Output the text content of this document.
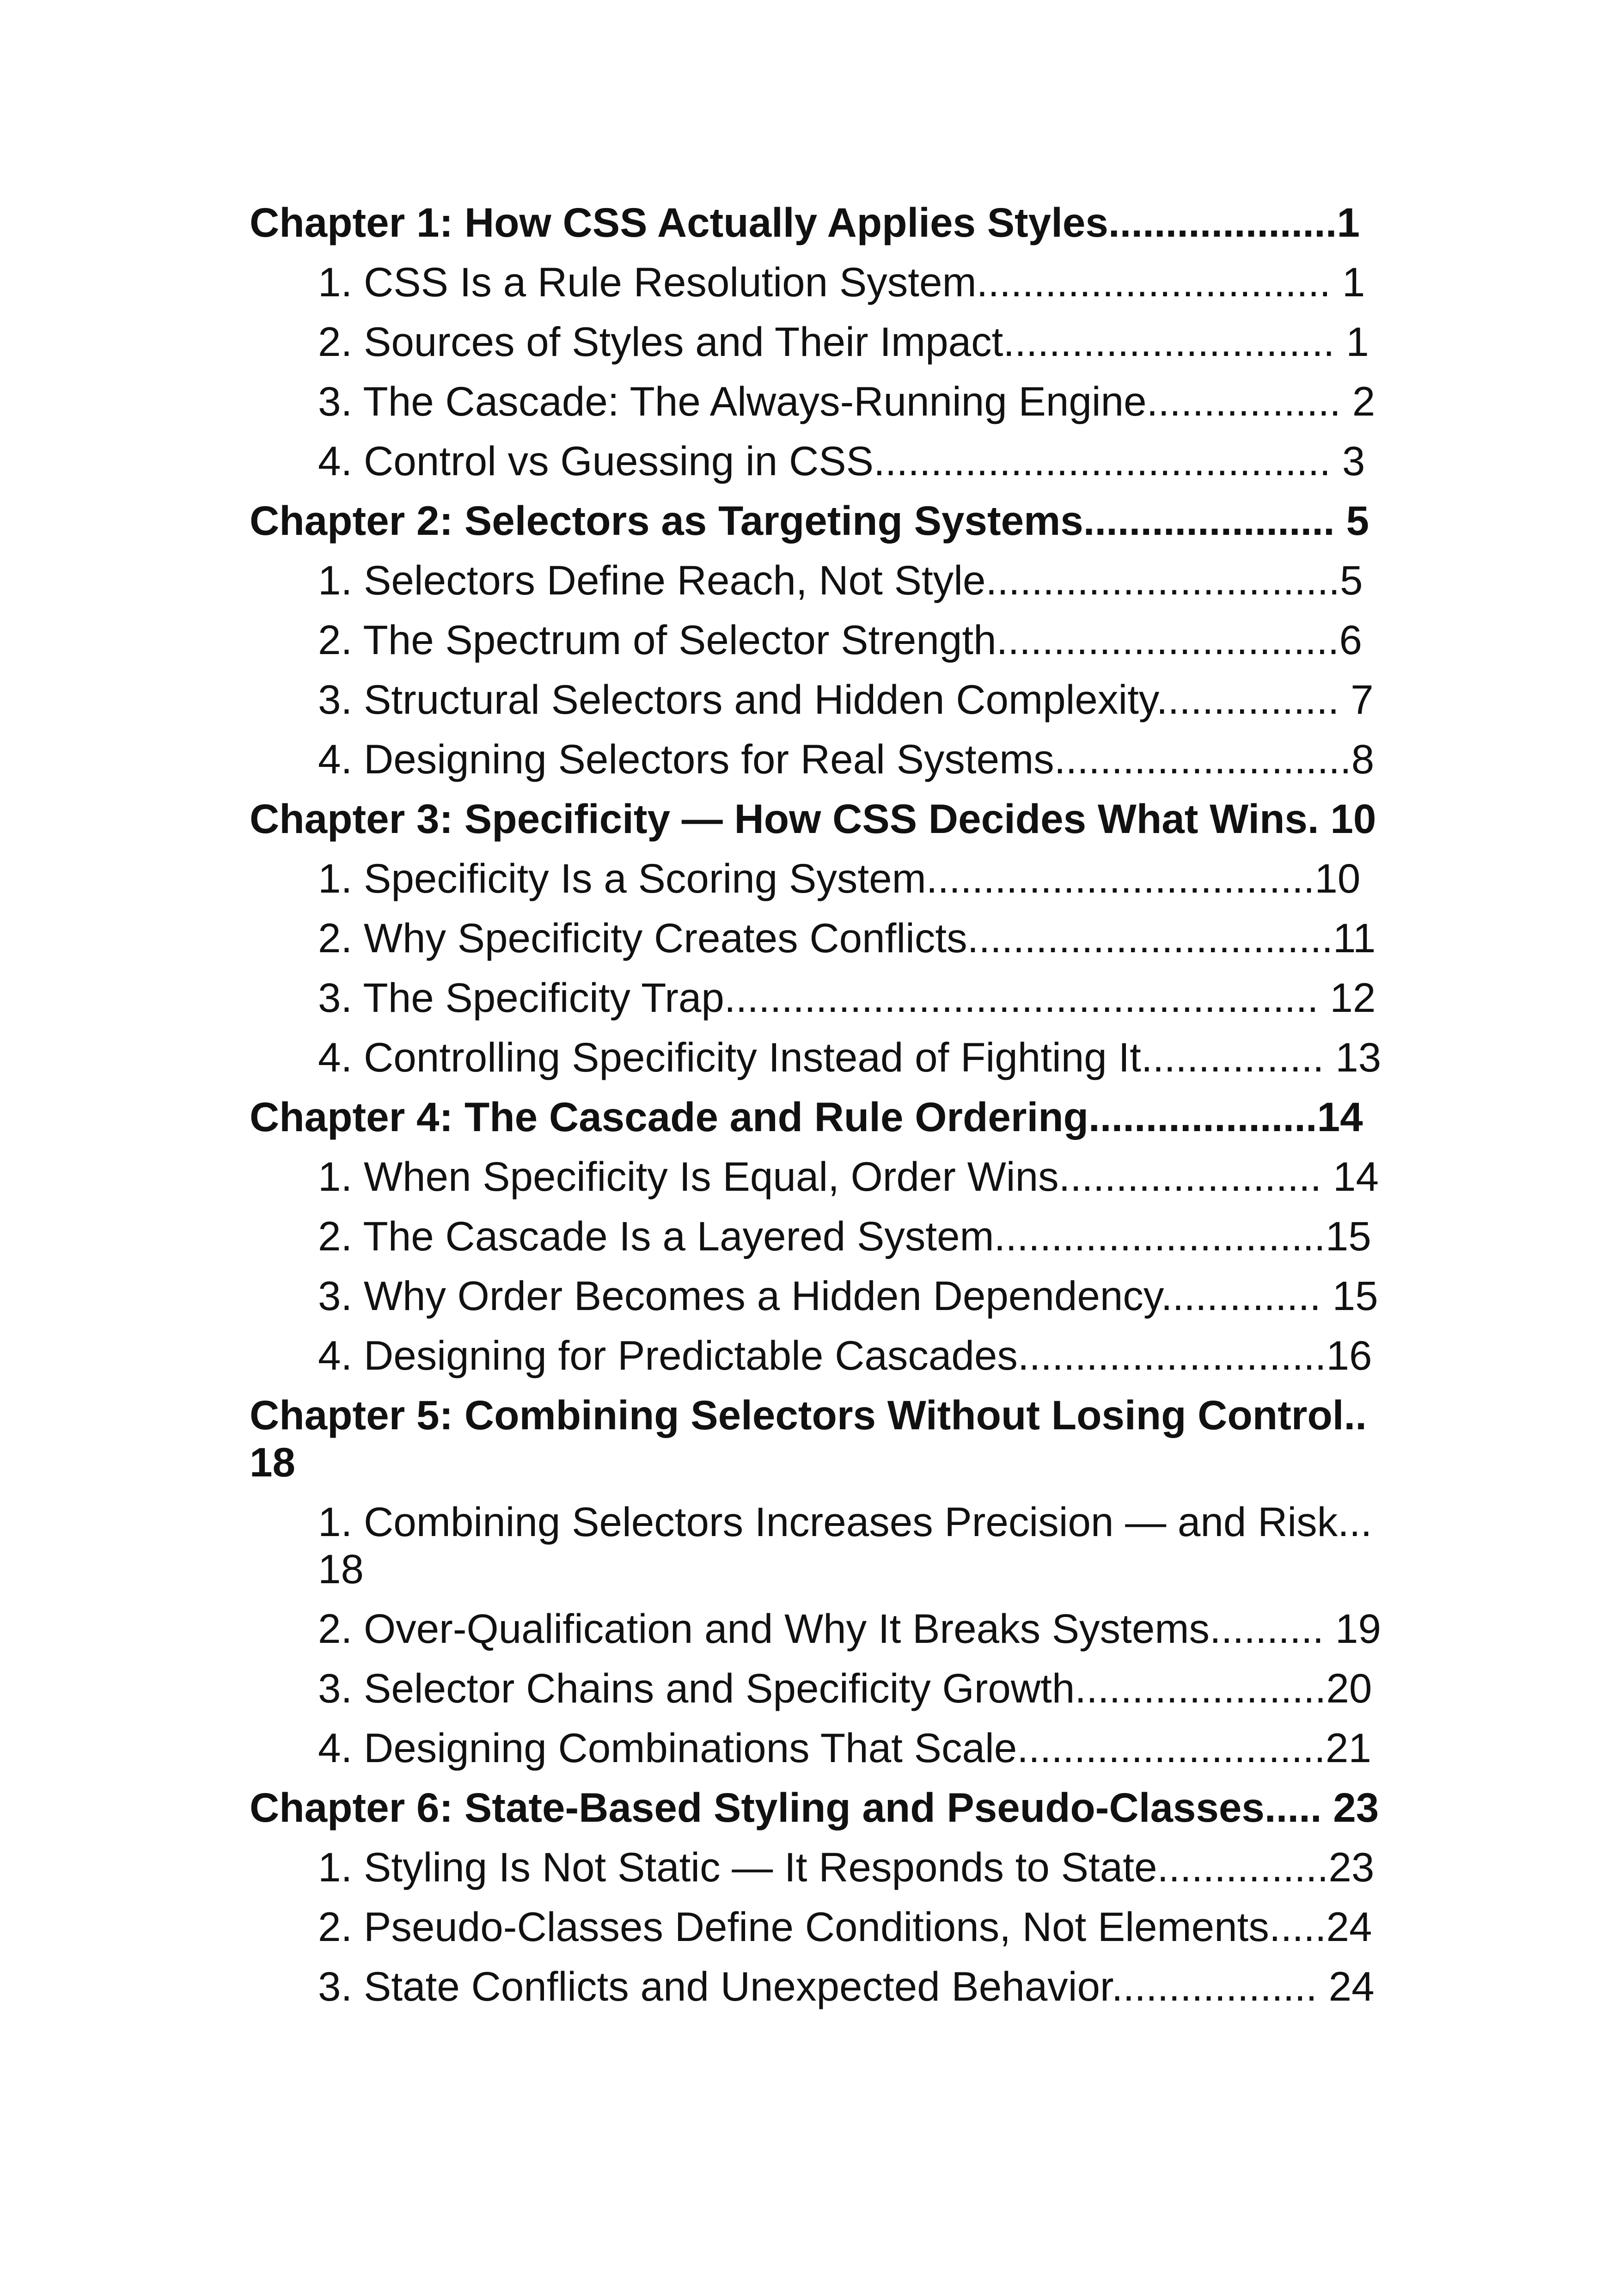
Chapter 1: How CSS Actually Applies Styles....................1
1. CSS Is a Rule Resolution System............................... 1
2. Sources of Styles and Their Impact............................. 1
3. The Cascade: The Always-Running Engine................. 2
4. Control vs Guessing in CSS........................................ 3
Chapter 2: Selectors as Targeting Systems...................... 5
1. Selectors Define Reach, Not Style...............................5
2. The Spectrum of Selector Strength..............................6
3. Structural Selectors and Hidden Complexity................ 7
4. Designing Selectors for Real Systems..........................8
Chapter 3: Specificity — How CSS Decides What Wins. 10
1. Specificity Is a Scoring System..................................10
2. Why Specificity Creates Conflicts................................11
3. The Specificity Trap.................................................... 12
4. Controlling Specificity Instead of Fighting It................ 13
Chapter 4: The Cascade and Rule Ordering....................14
1. When Specificity Is Equal, Order Wins....................... 14
2. The Cascade Is a Layered System.............................15
3. Why Order Becomes a Hidden Dependency.............. 15
4. Designing for Predictable Cascades...........................16
Chapter 5: Combining Selectors Without Losing Control.. 18
1. Combining Selectors Increases Precision — and Risk... 18
2. Over-Qualification and Why It Breaks Systems.......... 19
3. Selector Chains and Specificity Growth......................20
4. Designing Combinations That Scale...........................21
Chapter 6: State-Based Styling and Pseudo-Classes..... 23
1. Styling Is Not Static — It Responds to State...............23
2. Pseudo-Classes Define Conditions, Not Elements.....24
3. State Conflicts and Unexpected Behavior.................. 24
